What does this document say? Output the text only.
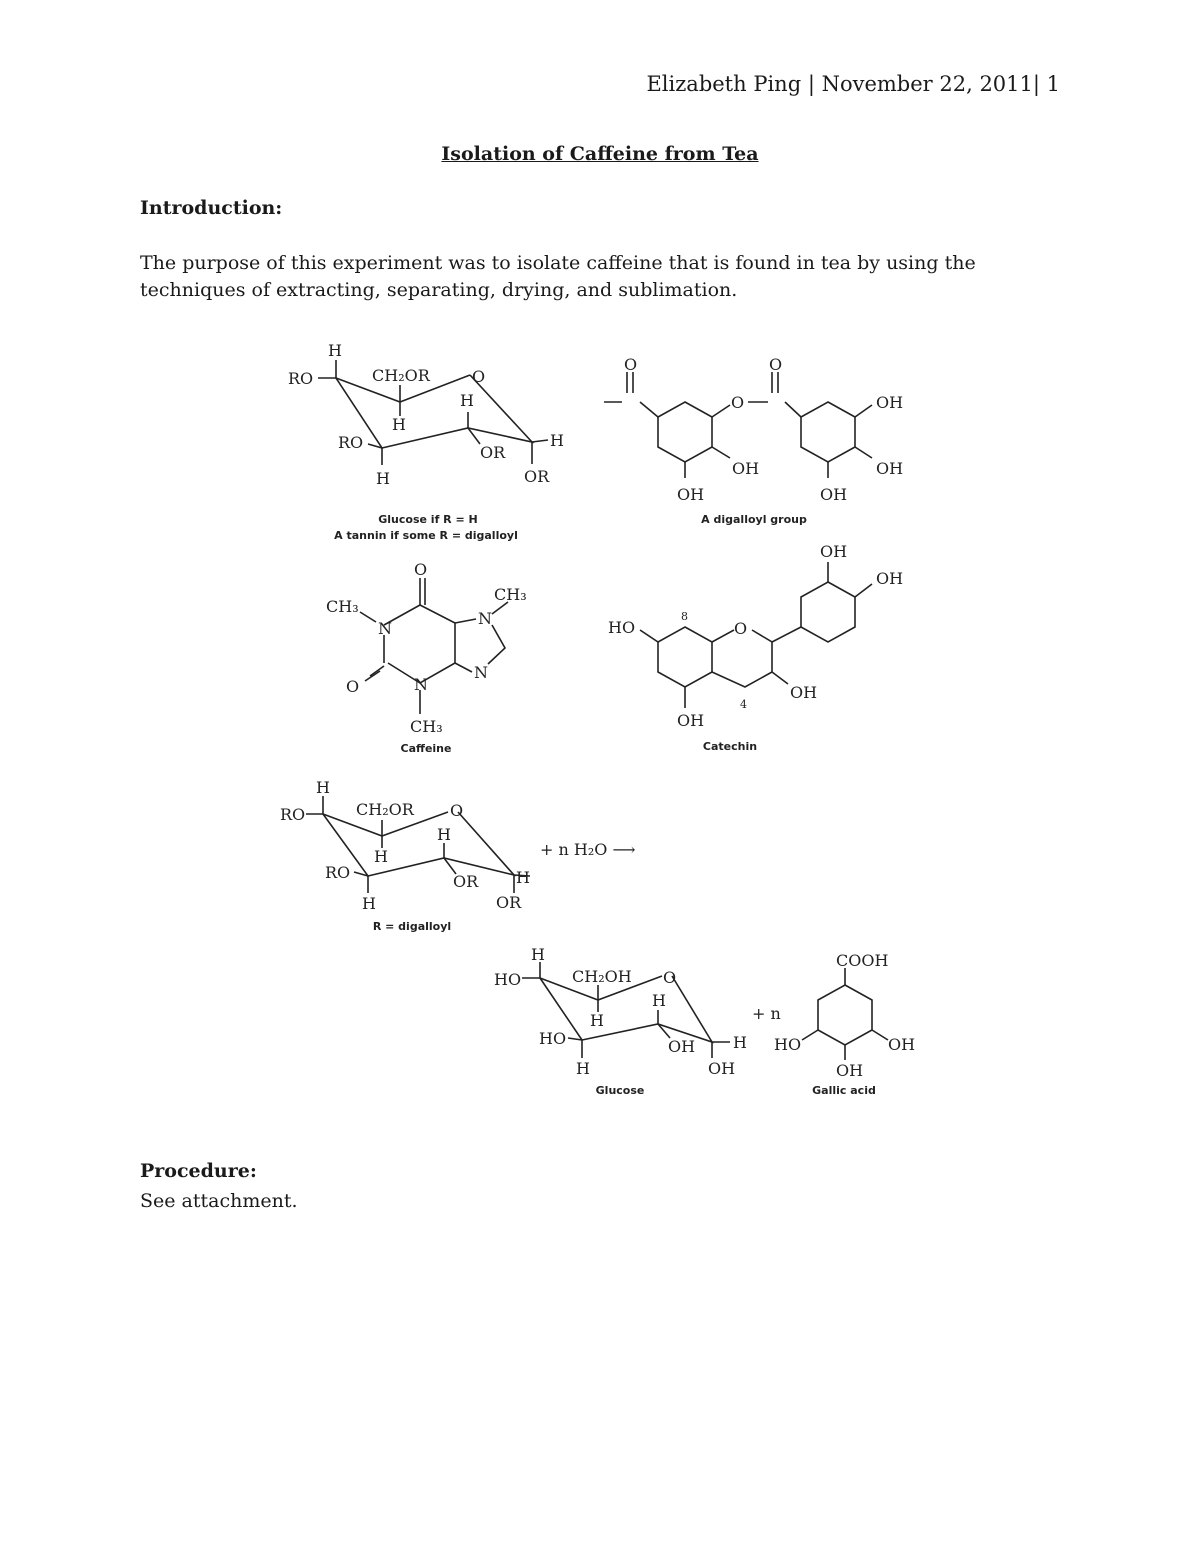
Elizabeth Ping | November 22, 2011| 1
Isolation of Caffeine from Tea
Introduction:
The purpose of this experiment was to isolate caffeine that is found in tea by using the
techniques of extracting, separating, drying, and sublimation.
H
RO	CH₂OR	O
H
H
RO
OR
H
H	OR
Glucose if R = H
A tannin if some R = digalloyl
O	O
O	OH
OH	OH
OH	OH
A digalloyl group
O
CH₃
CH₃
N
N
N
N
O
CH₃
Caffeine
OH
OH
HO
8
O
OH
4
OH
Catechin
H
RO	CH₂OR O
H
H
RO	OR H
H	OR
R = digalloyl
+ n H₂O ⟶
H
HO	CH₂OH O
H
H
HO	OH H
H	OH
Glucose
+ n
COOH
HO	OH
OH
Gallic acid
Procedure:
See attachment.
